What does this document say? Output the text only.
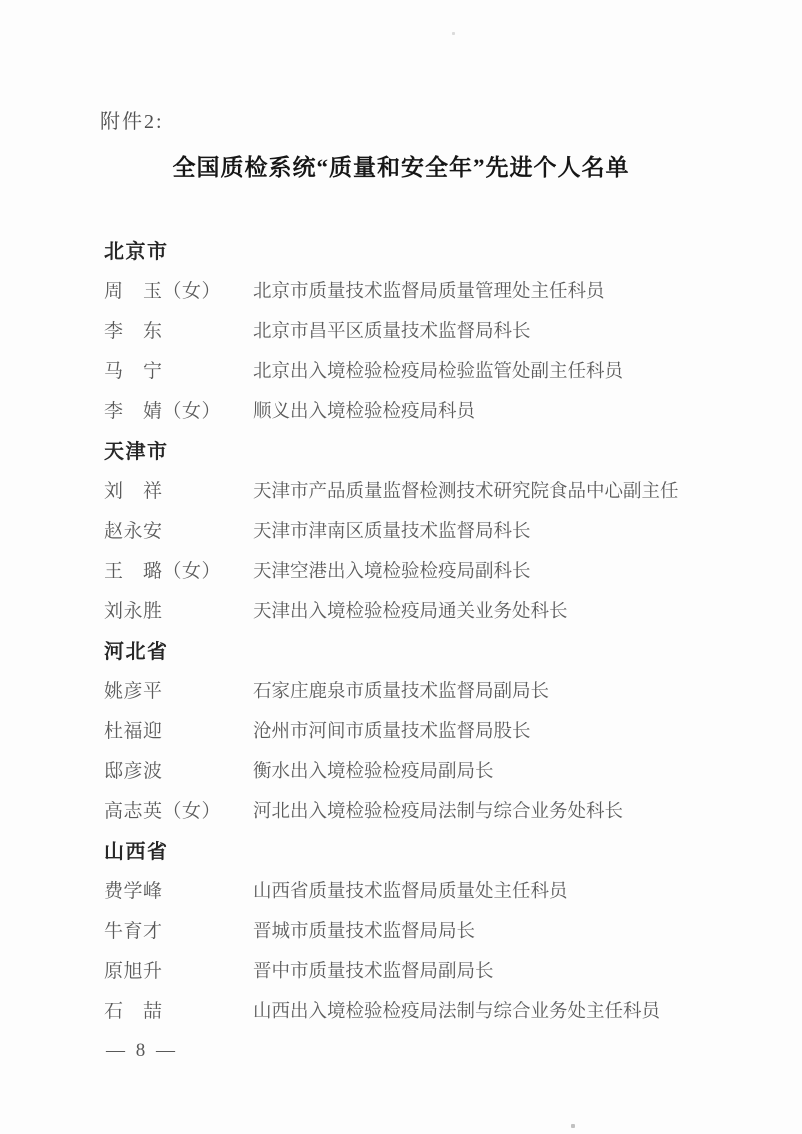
附件2:
全国质检系统“质量和安全年”先进个人名单
北京市
周　玉（女）	北京市质量技术监督局质量管理处主任科员
李　东	北京市昌平区质量技术监督局科长
马　宁	北京出入境检验检疫局检验监管处副主任科员
李　婧（女）	顺义出入境检验检疫局科员
天津市
刘　祥	天津市产品质量监督检测技术研究院食品中心副主任
赵永安	天津市津南区质量技术监督局科长
王　璐（女）	天津空港出入境检验检疫局副科长
刘永胜	天津出入境检验检疫局通关业务处科长
河北省
姚彦平	石家庄鹿泉市质量技术监督局副局长
杜福迎	沧州市河间市质量技术监督局股长
邸彦波	衡水出入境检验检疫局副局长
高志英（女）	河北出入境检验检疫局法制与综合业务处科长
山西省
费学峰	山西省质量技术监督局质量处主任科员
牛育才	晋城市质量技术监督局局长
原旭升	晋中市质量技术监督局副局长
石　喆	山西出入境检验检疫局法制与综合业务处主任科员
— 8 —
